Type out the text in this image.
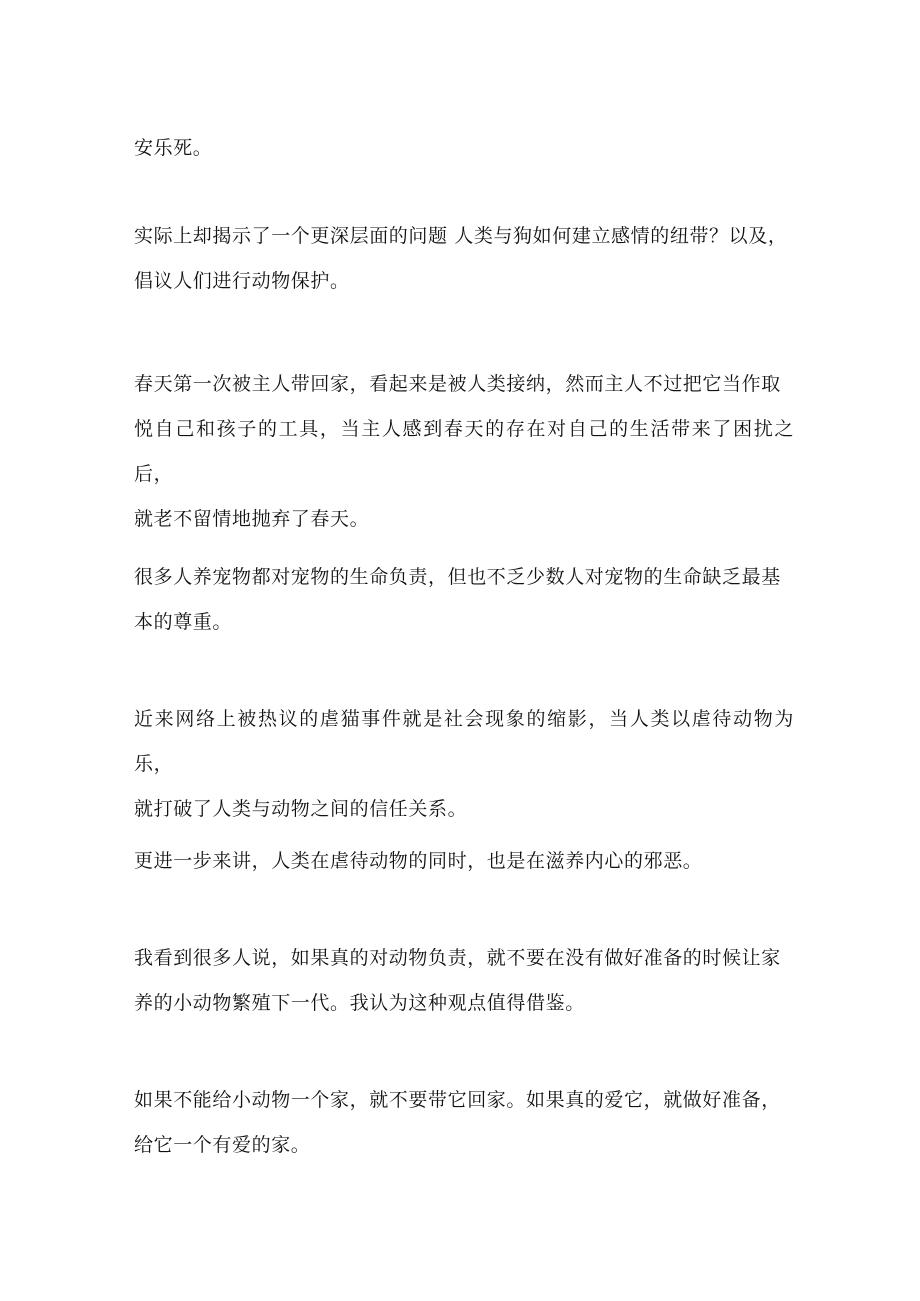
安乐死。

实际上却揭示了一个更深层面的问题 人类与狗如何建立感情的纽带？以及，
倡议人们进行动物保护。

春天第一次被主人带回家，看起来是被人类接纳，然而主人不过把它当作取
悦自己和孩子的工具，当主人感到春天的存在对自己的生活带来了困扰之后，
就老不留情地抛弃了春天。

很多人养宠物都对宠物的生命负责，但也不乏少数人对宠物的生命缺乏最基
本的尊重。

近来网络上被热议的虐猫事件就是社会现象的缩影，当人类以虐待动物为乐，
就打破了人类与动物之间的信任关系。

更进一步来讲，人类在虐待动物的同时，也是在滋养内心的邪恶。

我看到很多人说，如果真的对动物负责，就不要在没有做好准备的时候让家
养的小动物繁殖下一代。我认为这种观点值得借鉴。

如果不能给小动物一个家，就不要带它回家。如果真的爱它，就做好准备，
给它一个有爱的家。
